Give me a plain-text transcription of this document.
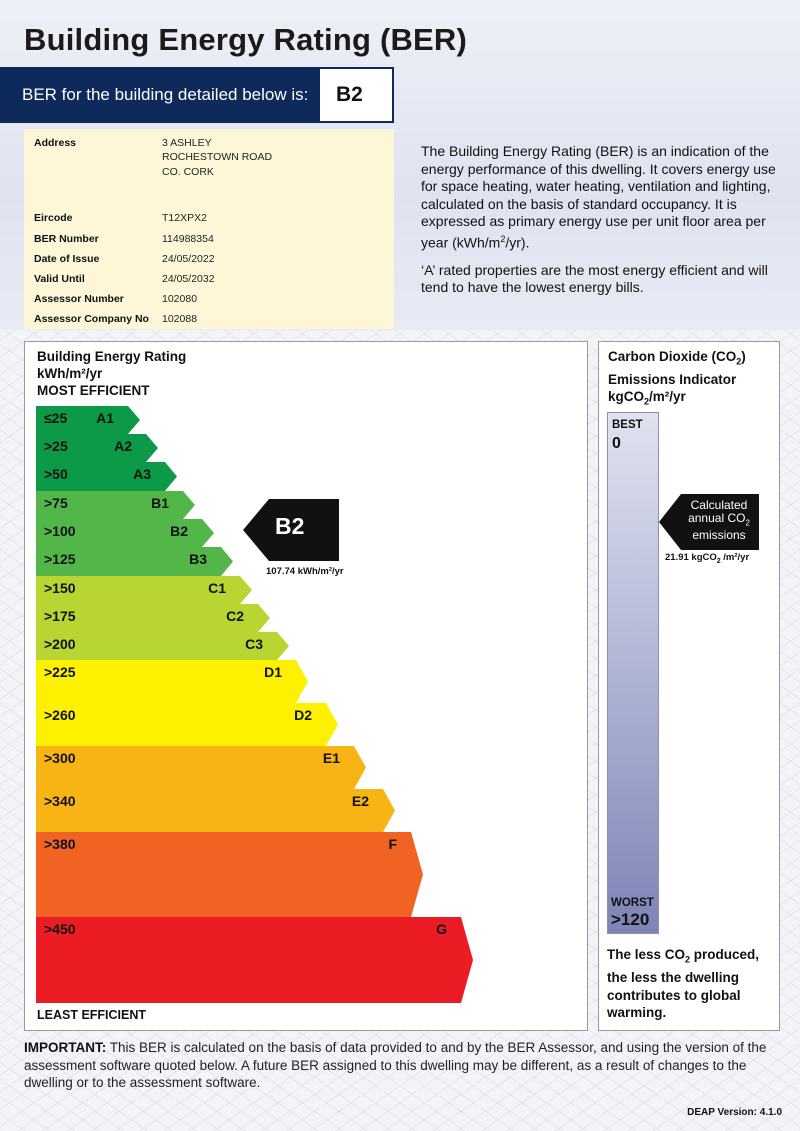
Building Energy Rating (BER)
BER for the building detailed below is:	B2
Address	3 ASHLEY
ROCHESTOWN ROAD
CO. CORK
Eircode	T12XPX2
BER Number	114988354
Date of Issue	24/05/2022
Valid Until	24/05/2032
Assessor Number	102080
Assessor Company No 102088

The Building Energy Rating (BER) is an indication of the energy performance of this dwelling. It covers energy use for space heating, water heating, ventilation and lighting, calculated on the basis of standard occupancy. It is expressed as primary energy use per unit floor area per year $(kWh/m^2/yr)$.

‘A’ rated properties are the most energy efficient and will tend to have the lowest energy bills.

Building Energy Rating
kWh/m²/yr
MOST EFFICIENT
≤25 A1
>25	A2
>50	A3
>75	B1
>100	B2
>125	B3
>150	C1
>175	C2
>200	C3
>225	D1
>260	D2
>300	E1
>340	E2
>380	F
>450	G
B2
107.74 kWh/m²/yr
LEAST EFFICIENT
Carbon Dioxide $(CO_2)$
Emissions Indicator
kgCO$_2$/m²/yr
BEST
0
WORST
>120
Calculated
annual $CO_2$
emissions
21.91 kgCO$_2$ /m²/yr
The less $CO_2$ produced, the less the dwelling contributes to global warming.
IMPORTANT: This BER is calculated on the basis of data provided to and by the BER Assessor, and using the version of the assessment software quoted below. A future BER assigned to this dwelling may be different, as a result of changes to the dwelling or to the assessment software.
DEAP Version: 4.1.0
